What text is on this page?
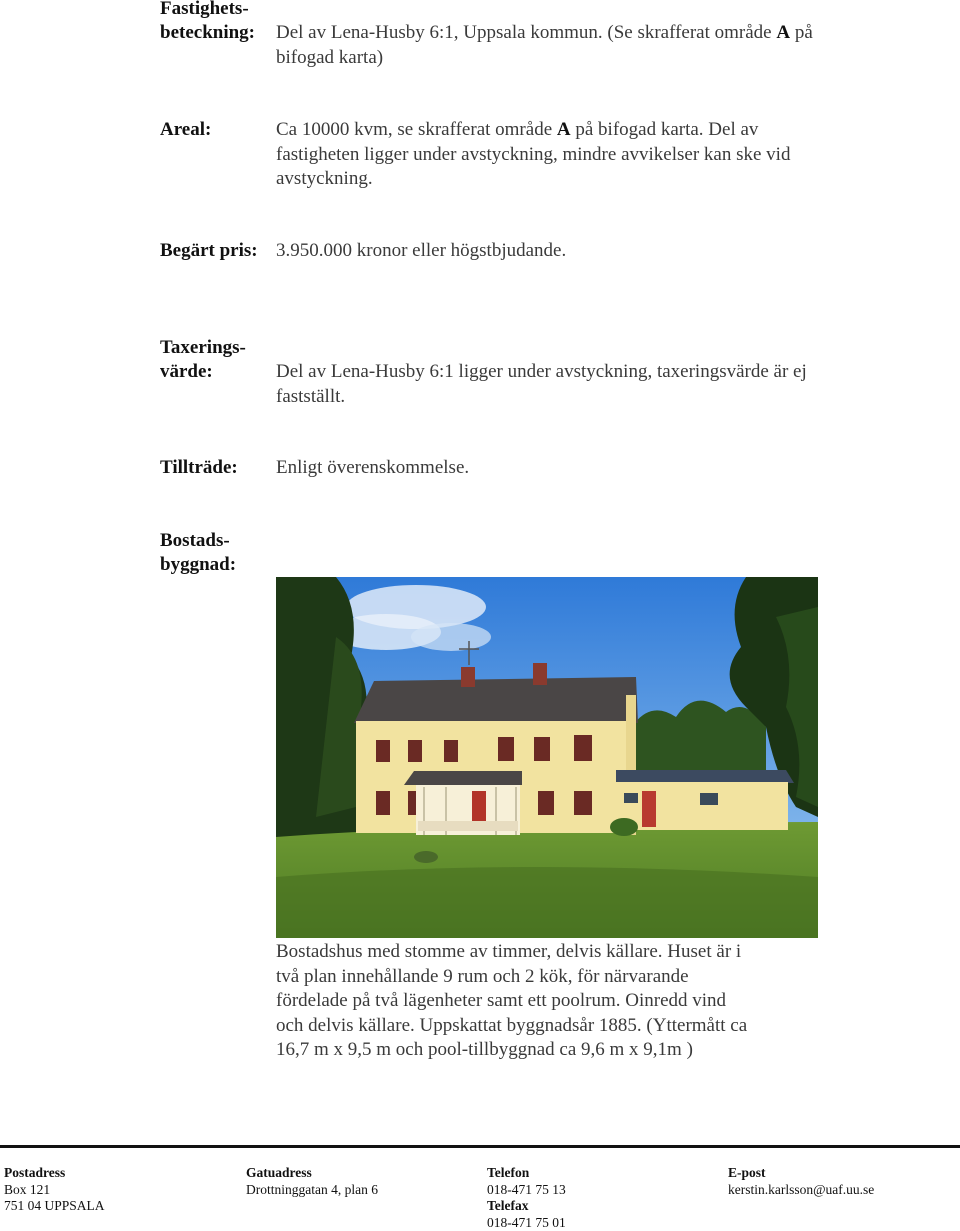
Fastighets-
beteckning: Del av Lena-Husby 6:1, Uppsala kommun. (Se skrafferat område A på
bifogad karta)
Areal:	Ca 10000 kvm, se skrafferat område A på bifogad karta. Del av
fastigheten ligger under avstyckning, mindre avvikelser kan ske vid
avstyckning.
Begärt pris: 3.950.000 kronor eller högstbjudande.
Taxerings-
värde:	Del av Lena-Husby 6:1 ligger under avstyckning, taxeringsvärde är ej
fastställt.
Tillträde: Enligt överenskommelse.
Bostads-
byggnad:
Bostadshus med stomme av timmer, delvis källare. Huset är i
två plan innehållande 9 rum och 2 kök, för närvarande
fördelade på två lägenheter samt ett poolrum. Oinredd vind
och delvis källare. Uppskattat byggnadsår 1885. (Yttermått ca
16,7 m x 9,5 m och pool-tillbyggnad ca 9,6 m x 9,1m )
Postadress
Box 121
751 04 UPPSALA
Gatuadress
Drottninggatan 4, plan 6
Telefon
018-471 75 13
Telefax
018-471 75 01
E-post
kerstin.karlsson@uaf.uu.se
